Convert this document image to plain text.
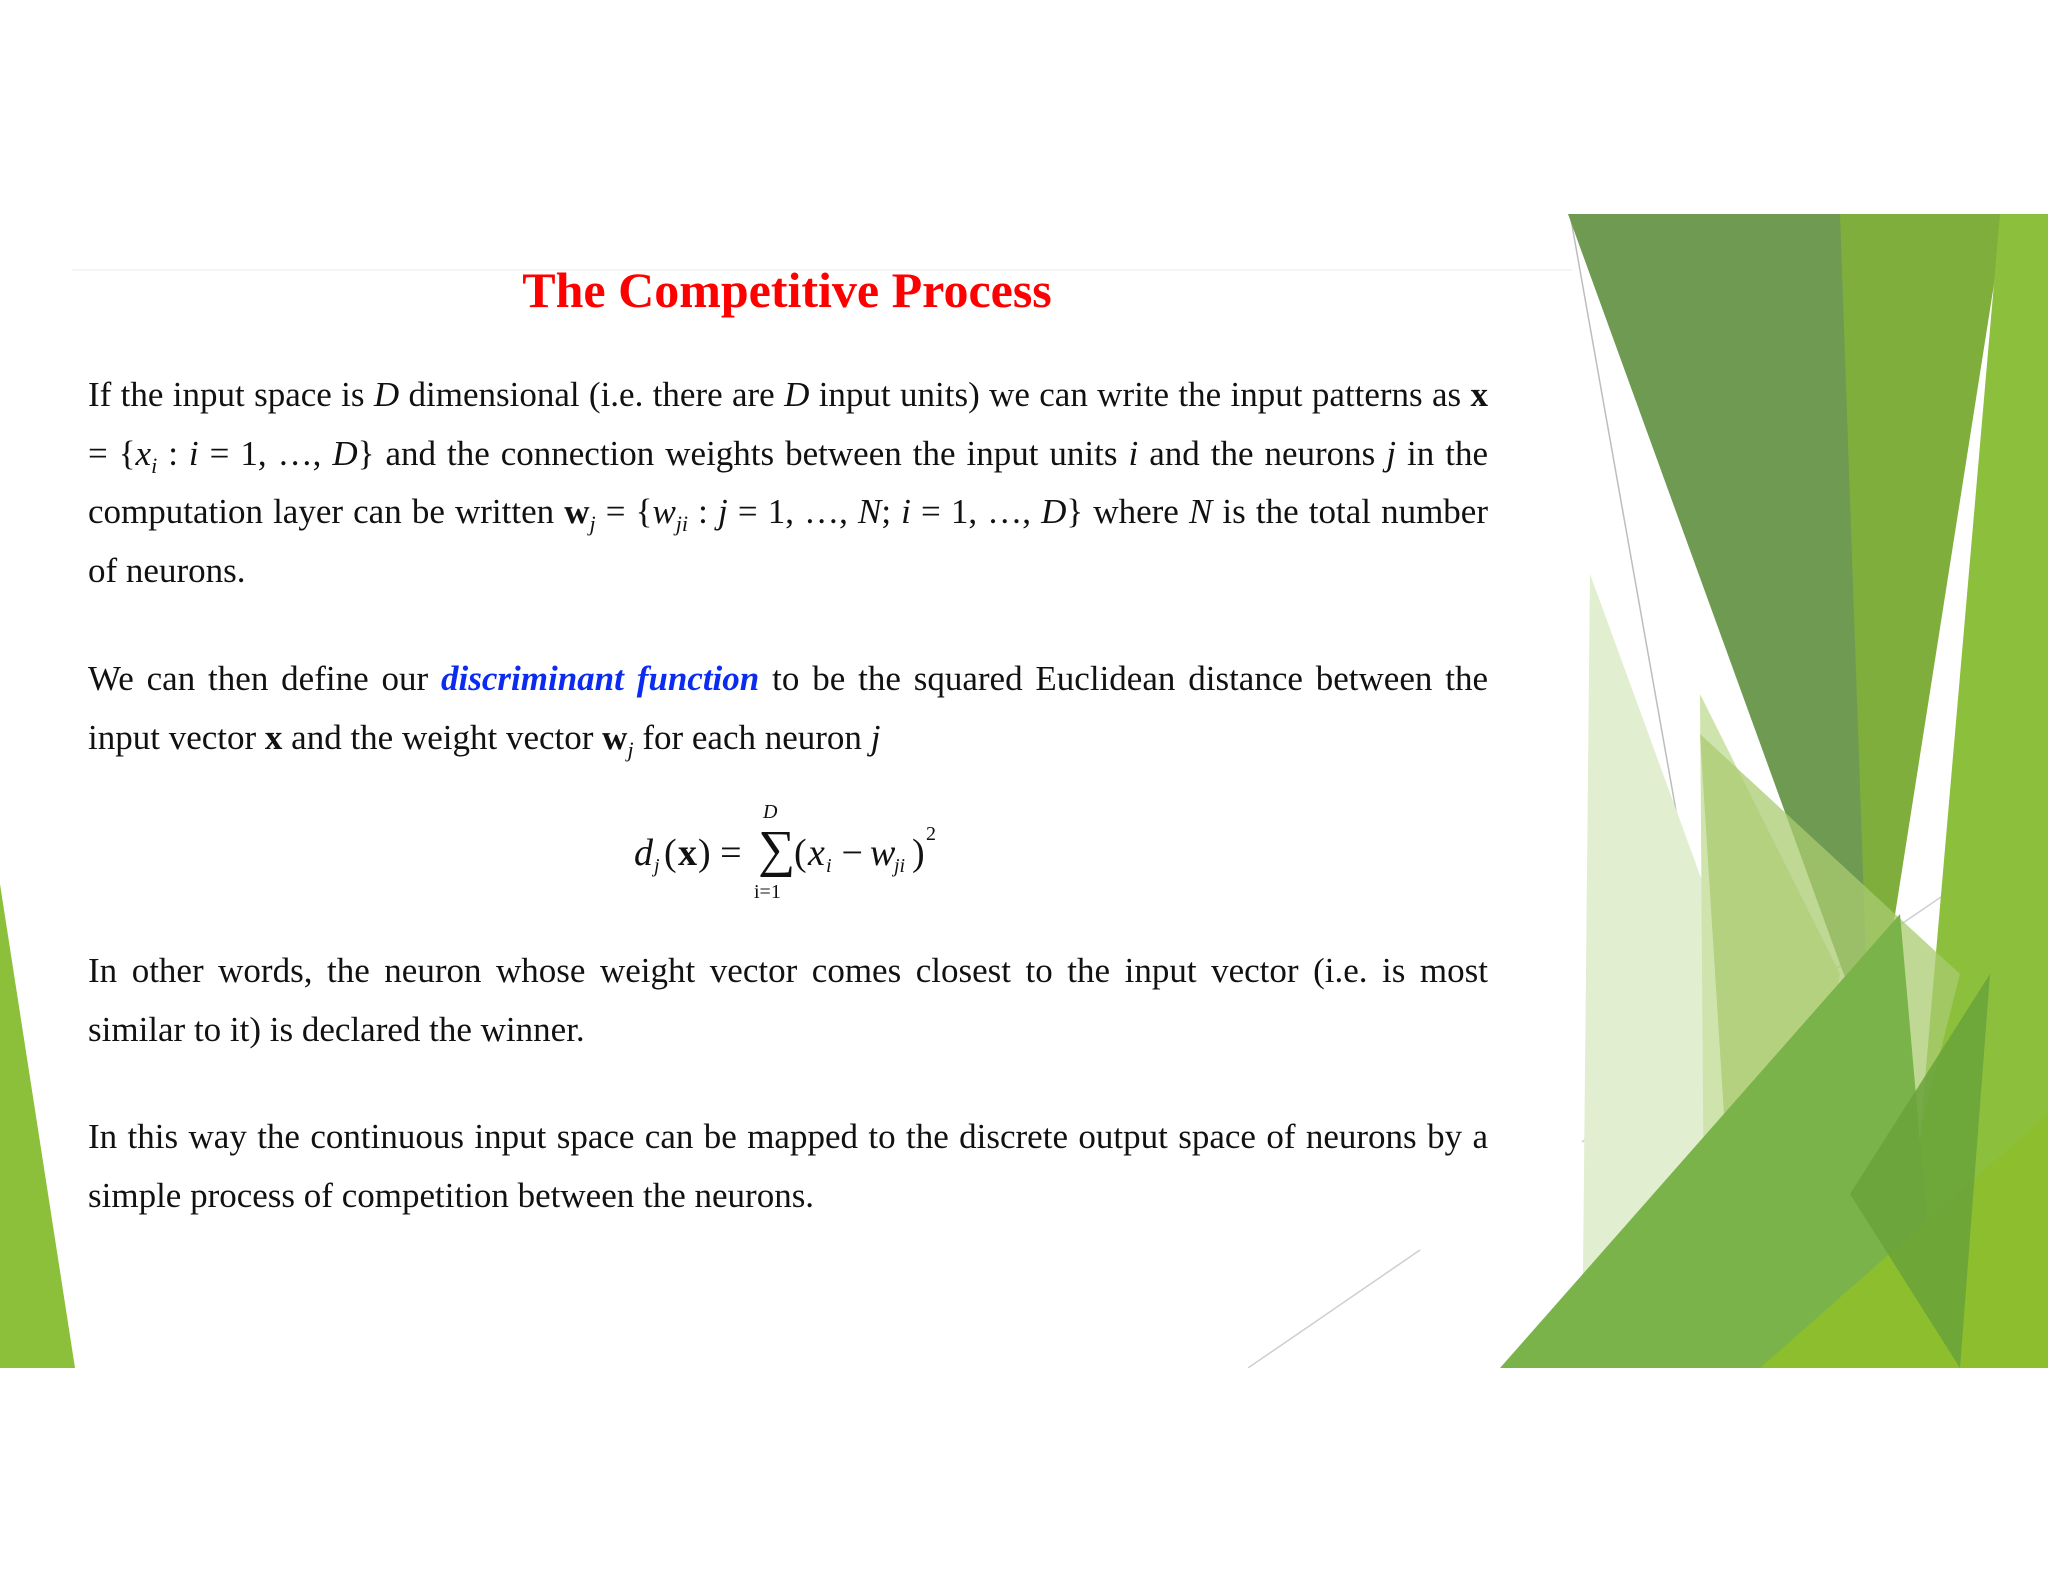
The Competitive Process

If the input space is D dimensional (i.e. there are D input units) we can write the input patterns as $x = \{x_i$ : i = 1, …, D} and the connection weights between the input units i and the neurons j in the computation layer can be written $w_j = \{w_{ji}$ : j = 1, …, N; i = 1, …, D} where N is the total number of neurons.

We can then define our discriminant function to be the squared Euclidean distance between the input vector x and the weight vector $w_j$ for each neuron j

d j ( x ) = ∑
D
i=1
( x i −
w
ji ) 2

In other words, the neuron whose weight vector comes closest to the input vector (i.e. is most similar to it) is declared the winner.

In this way the continuous input space can be mapped to the discrete output space of neurons by a simple process of competition between the neurons.
